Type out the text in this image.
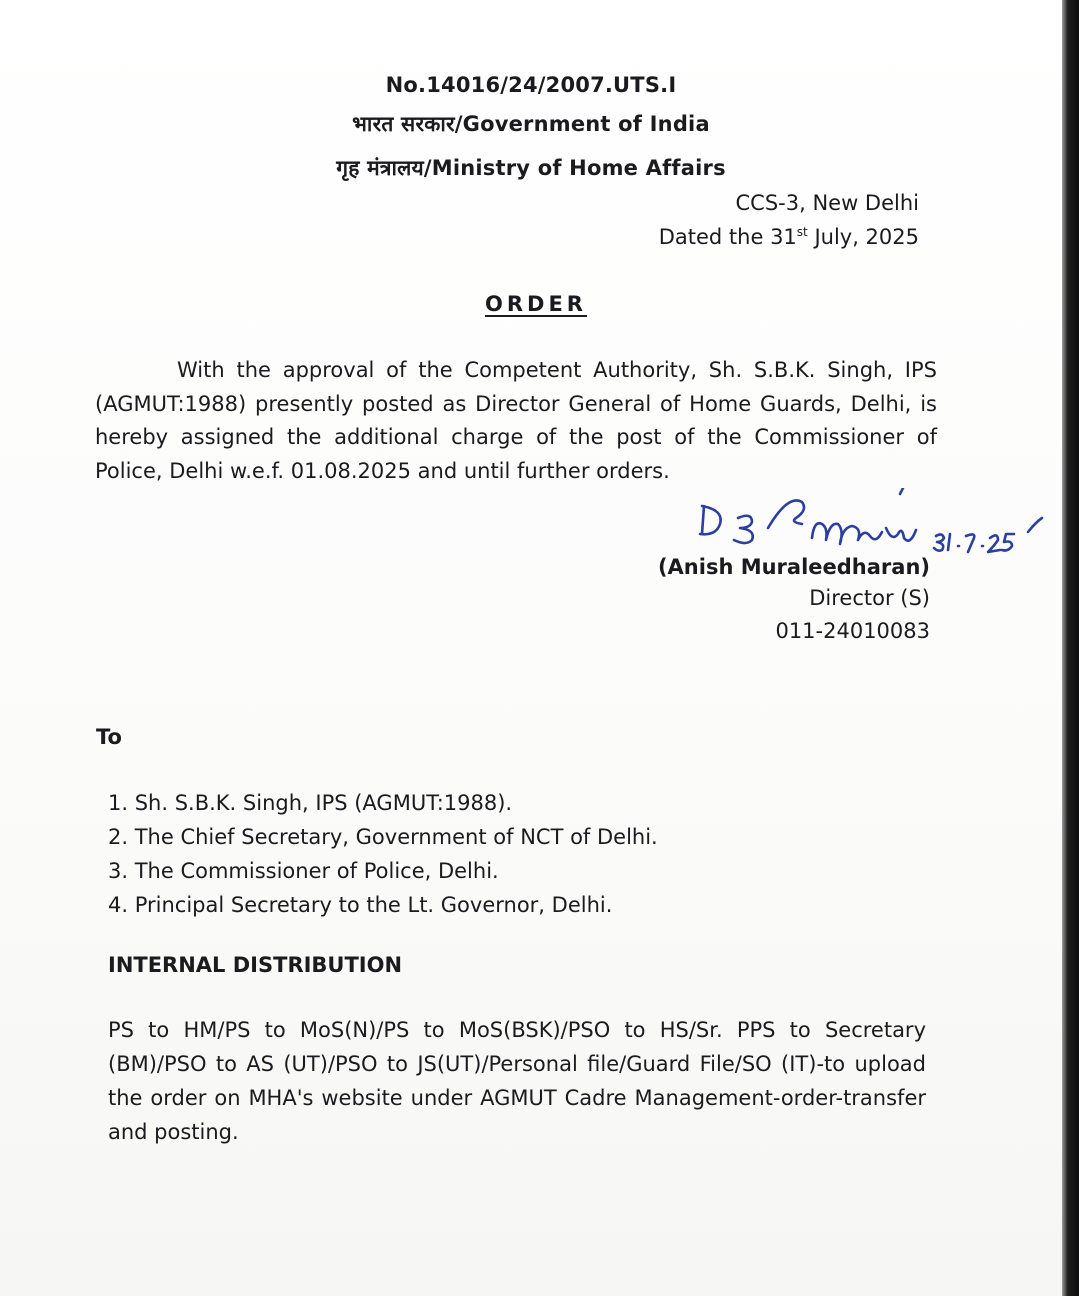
No.14016/24/2007.UTS.I
भारत सरकार/Government of India
गृह मंत्रालय/Ministry of Home Affairs
CCS-3, New Delhi
Dated the 31st July, 2025
ORDER

With the approval of the Competent Authority, Sh. S.B.K. Singh, IPS (AGMUT:1988) presently posted as Director General of Home Guards, Delhi, is hereby assigned the additional charge of the post of the Commissioner of Police, Delhi w.e.f. 01.08.2025 and until further orders.

(Anish Muraleedharan)
Director (S)
011-24010083
To
1. Sh. S.B.K. Singh, IPS (AGMUT:1988).
2. The Chief Secretary, Government of NCT of Delhi.
3. The Commissioner of Police, Delhi.
4. Principal Secretary to the Lt. Governor, Delhi.
INTERNAL DISTRIBUTION

PS to HM/PS to MoS(N)/PS to MoS(BSK)/PSO to HS/Sr. PPS to Secretary (BM)/PSO to AS (UT)/PSO to JS(UT)/Personal file/Guard File/SO (IT)-to upload the order on MHA's website under AGMUT Cadre Management-order-transfer and posting.
